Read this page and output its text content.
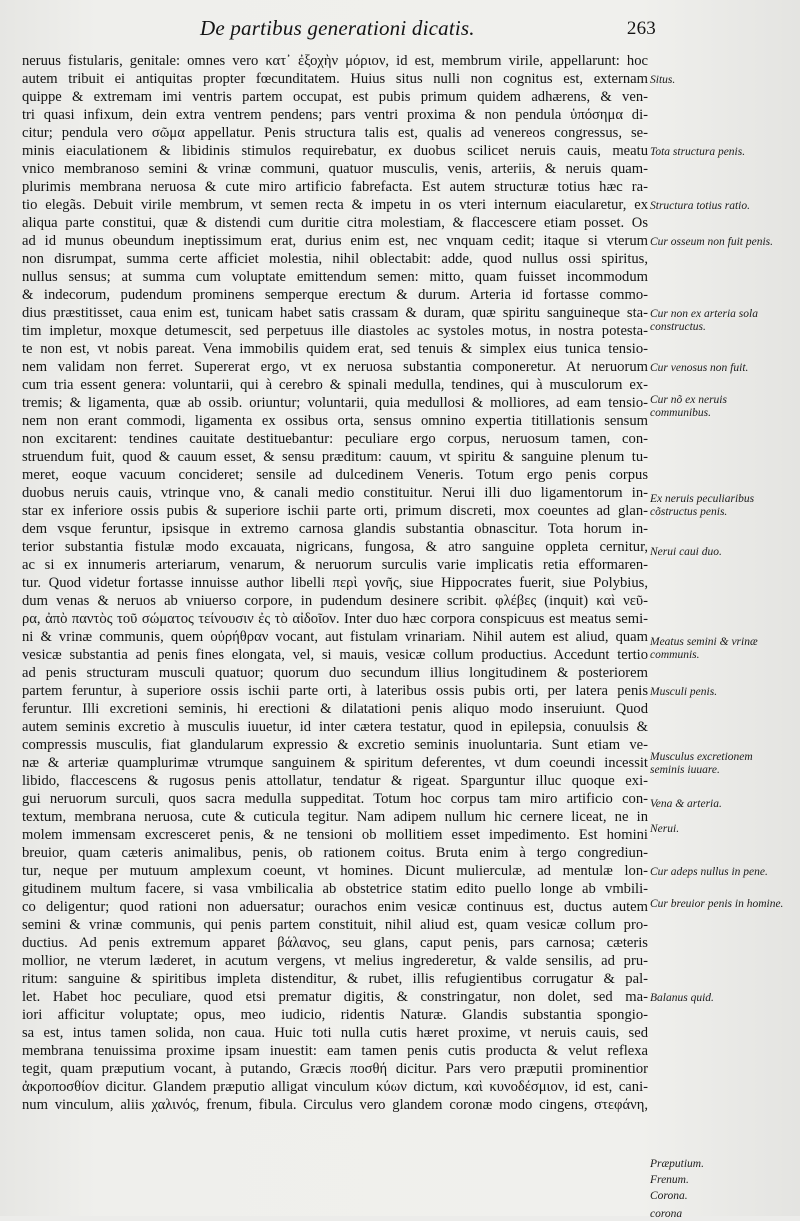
De partibus generationi dicatis.	263
neruus fistularis, genitale: omnes vero κατ᾽ ἐξοχὴν μόριον, id est, membrum virile, appellarunt: hoc
autem tribuit ei antiquitas propter fœcunditatem. Huius situs nulli non cognitus est, externam
quippe & extremam imi ventris partem occupat, est pubis primum quidem adhærens, & ven-
tri quasi infixum, dein extra ventrem pendens; pars ventri proxima & non pendula ὑπόσημα di-
citur; pendula vero σῶμα appellatur. Penis structura talis est, qualis ad venereos congressus, se-
minis eiaculationem & libidinis stimulos requirebatur, ex duobus scilicet neruis cauis, meatu
vnico membranoso semini & vrinæ communi, quatuor musculis, venis, arteriis, & neruis quam-
plurimis membrana neruosa & cute miro artificio fabrefacta. Est autem structuræ totius hæc ra-
tio elegãs. Debuit virile membrum, vt semen recta & impetu in os vteri internum eiacularetur, ex
aliqua parte constitui, quæ & distendi cum duritie citra molestiam, & flaccescere etiam posset. Os
ad id munus obeundum ineptissimum erat, durius enim est, nec vnquam cedit; itaque si vterum
non disrumpat, summa certe afficiet molestia, nihil oblectabit: adde, quod nullus ossi spiritus,
nullus sensus; at summa cum voluptate emittendum semen: mitto, quam fuisset incommodum
& indecorum, pudendum prominens semperque erectum & durum. Arteria id fortasse commo-
dius præstitisset, caua enim est, tunicam habet satis crassam & duram, quæ spiritu sanguineque sta-
tim impletur, moxque detumescit, sed perpetuus ille diastoles ac systoles motus, in nostra potesta-
te non est, vt nobis pareat. Vena immobilis quidem erat, sed tenuis & simplex eius tunica tensio-
nem validam non ferret. Supererat ergo, vt ex neruosa substantia componeretur. At neruorum
cum tria essent genera: voluntarii, qui à cerebro & spinali medulla, tendines, qui à musculorum ex-
tremis; & ligamenta, quæ ab ossib. oriuntur; voluntarii, quia medullosi & molliores, ad eam tensio-
nem non erant commodi, ligamenta ex ossibus orta, sensus omnino expertia titillationis sensum
non excitarent: tendines cauitate destituebantur: peculiare ergo corpus, neruosum tamen, con-
struendum fuit, quod & cauum esset, & sensu præditum: cauum, vt spiritu & sanguine plenum tu-
meret, eoque vacuum concideret; sensile ad dulcedinem Veneris. Totum ergo penis corpus
duobus neruis cauis, vtrinque vno, & canali medio constituitur. Nerui illi duo ligamentorum in-
star ex inferiore ossis pubis & superiore ischii parte orti, primum discreti, mox coeuntes ad glan-
dem vsque feruntur, ipsisque in extremo carnosa glandis substantia obnascitur. Tota horum in-
terior substantia fistulæ modo excauata, nigricans, fungosa, & atro sanguine oppleta cernitur,
ac si ex innumeris arteriarum, venarum, & neruorum surculis varie implicatis retia efformaren-
tur. Quod videtur fortasse innuisse author libelli περὶ γονῆς, siue Hippocrates fuerit, siue Polybius,
dum venas & neruos ab vniuerso corpore, in pudendum desinere scribit. φλέβες (inquit) καὶ νεῦ-
ρα, ἀπὸ παντὸς τοῦ σώματος τείνουσιν ἐς τὸ αἰδοῖον. Inter duo hæc corpora conspicuus est meatus semi-
ni & vrinæ communis, quem οὐρήθραν vocant, aut fistulam vrinariam. Nihil autem est aliud, quam
vesicæ substantia ad penis fines elongata, vel, si mauis, vesicæ collum productius. Accedunt tertio
ad penis structuram musculi quatuor; quorum duo secundum illius longitudinem & posteriorem
partem feruntur, à superiore ossis ischii parte orti, à lateribus ossis pubis orti, per latera penis
feruntur. Illi excretioni seminis, hi erectioni & dilatationi penis aliquo modo inseruiunt. Quod
autem seminis excretio à musculis iuuetur, id inter cætera testatur, quod in epilepsia, conuulsis &
compressis musculis, fiat glandularum expressio & excretio seminis inuoluntaria. Sunt etiam ve-
næ & arteriæ quamplurimæ vtrumque sanguinem & spiritum deferentes, vt dum coeundi incessit
libido, flaccescens & rugosus penis attollatur, tendatur & rigeat. Sparguntur illuc quoque exi-
gui neruorum surculi, quos sacra medulla suppeditat. Totum hoc corpus tam miro artificio con-
textum, membrana neruosa, cute & cuticula tegitur. Nam adipem nullum hic cernere liceat, ne in
molem immensam excresceret penis, & ne tensioni ob mollitiem esset impedimento. Est homini
breuior, quam cæteris animalibus, penis, ob rationem coitus. Bruta enim à tergo congrediun-
tur, neque per mutuum amplexum coeunt, vt homines. Dicunt mulierculæ, ad mentulæ lon-
gitudinem multum facere, si vasa vmbilicalia ab obstetrice statim edito puello longe ab vmbili-
co deligentur; quod rationi non aduersatur; ourachos enim vesicæ continuus est, ductus autem
semini & vrinæ communis, qui penis partem constituit, nihil aliud est, quam vesicæ collum pro-
ductius. Ad penis extremum apparet βάλανος, seu glans, caput penis, pars carnosa; cæteris
mollior, ne vterum læderet, in acutum vergens, vt melius ingrederetur, & valde sensilis, ad pru-
ritum: sanguine & spiritibus impleta distenditur, & rubet, illis refugientibus corrugatur & pal-
let. Habet hoc peculiare, quod etsi prematur digitis, & constringatur, non dolet, sed ma-
iori afficitur voluptate; opus, meo iudicio, ridentis Naturæ. Glandis substantia spongio-
sa est, intus tamen solida, non caua. Huic toti nulla cutis hæret proxime, vt neruis cauis, sed
membrana tenuissima proxime ipsam inuestit: eam tamen penis cutis producta & velut reflexa
tegit, quam præputium vocant, à putando, Græcis ποσθή dicitur. Pars vero præputii prominentior
ἀκροποσθίον dicitur. Glandem præputio alligat vinculum κύων dictum, καὶ κυνοδέσμιον, id est, cani-
num vinculum, aliis χαλινός, frenum, fibula. Circulus vero glandem coronæ modo cingens, στεφάνη,
Situs.
Tota structura penis.
Structura totius ratio.
Cur osseum non fuit penis.
Cur non ex arteria sola constructus.
Cur venosus non fuit.
Cur nõ ex neruis communibus.
Ex neruis peculiaribus cõstructus penis.
Nerui caui duo.
Meatus semini & vrinæ communis.
Musculi penis.
Musculus excretionem seminis iuuare.
Vena & arteria.
Nerui.
Cur adeps nullus in pene.
Cur breuior penis in homine.
Balanus quid.
Præputium.
Frenum.
Corona.
corona
